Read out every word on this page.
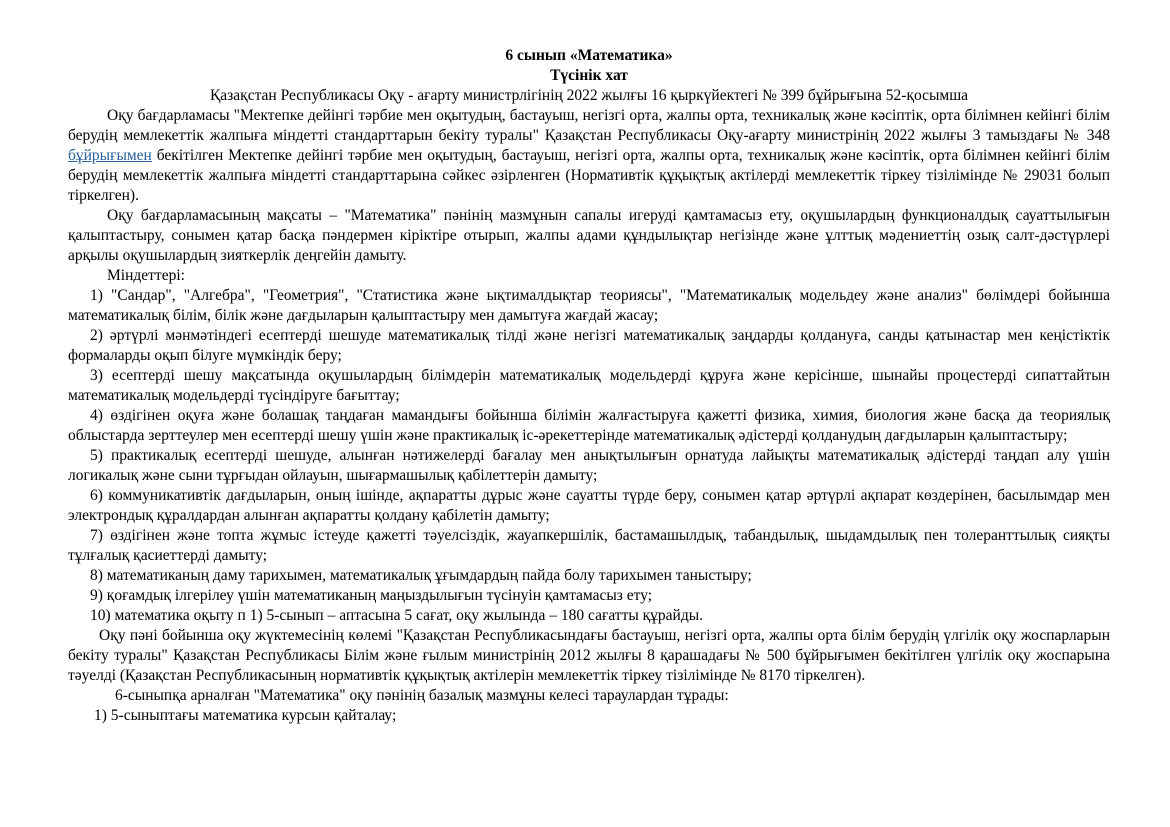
6 сынып «Математика»

Түсінік хат

Қазақстан Республикасы Оқу - ағарту министрлігінің 2022 жылғы 16 қыркүйектегі № 399 бұйрығына 52-қосымша

Оқу бағдарламасы "Мектепке дейінгі тәрбие мен оқытудың, бастауыш, негізгі орта, жалпы орта, техникалық және кәсіптік, орта білімнен кейінгі білім берудің мемлекеттік жалпыға міндетті стандарттарын бекіту туралы" Қазақстан Республикасы Оқу-ағарту министрінің 2022 жылғы 3 тамыздағы № 348 бұйрығымен бекітілген Мектепке дейінгі тәрбие мен оқытудың, бастауыш, негізгі орта, жалпы орта, техникалық және кәсіптік, орта білімнен кейінгі білім берудің мемлекеттік жалпыға міндетті стандарттарына сәйкес әзірленген (Нормативтік құқықтық актілерді мемлекеттік тіркеу тізілімінде № 29031 болып тіркелген).

Оқу бағдарламасының мақсаты – "Математика" пәнінің мазмұнын сапалы игеруді қамтамасыз ету, оқушылардың функционалдық сауаттылығын қалыптастыру, сонымен қатар басқа пәндермен кіріктіре отырып, жалпы адами құндылықтар негізінде және ұлттық мәдениеттің озық салт-дәстүрлері арқылы оқушылардың зияткерлік деңгейін дамыту.

Міндеттері:

1) "Сандар", "Алгебра", "Геометрия", "Статистика және ықтималдықтар теориясы", "Математикалық модельдеу және анализ" бөлімдері бойынша математикалық білім, білік және дағдыларын қалыптастыру мен дамытуға жағдай жасау;

2) әртүрлі мәнмәтіндегі есептерді шешуде математикалық тілді және негізгі математикалық заңдарды қолдануға, санды қатынастар мен кеңістіктік формаларды оқып білуге мүмкіндік беру;

3) есептерді шешу мақсатында оқушылардың білімдерін математикалық модельдерді құруға және керісінше, шынайы процестерді сипаттайтын математикалық модельдерді түсіндіруге бағыттау;

4) өздігінен оқуға және болашақ таңдаған мамандығы бойынша білімін жалғастыруға қажетті физика, химия, биология және басқа да теориялық облыстарда зерттеулер мен есептерді шешу үшін және практикалық іс-әрекеттерінде математикалық әдістерді қолданудың дағдыларын қалыптастыру;

5) практикалық есептерді шешуде, алынған нәтижелерді бағалау мен анықтылығын орнатуда лайықты математикалық әдістерді таңдап алу үшін логикалық және сыни тұрғыдан ойлауын, шығармашылық қабілеттерін дамыту;

6) коммуникативтік дағдыларын, оның ішінде, ақпаратты дұрыс және сауатты түрде беру, сонымен қатар әртүрлі ақпарат көздерінен, басылымдар мен электрондық құралдардан алынған ақпаратты қолдану қабілетін дамыту;

7) өздігінен және топта жұмыс істеуде қажетті тәуелсіздік, жауапкершілік, бастамашылдық, табандылық, шыдамдылық пен толеранттылық сияқты тұлғалық қасиеттерді дамыту;

8) математиканың даму тарихымен, математикалық ұғымдардың пайда болу тарихымен таныстыру;

9) қоғамдық ілгерілеу үшін математиканың маңыздылығын түсінуін қамтамасыз ету;

10) математика оқыту п 1) 5-сынып – аптасына 5 сағат, оқу жылында – 180 сағатты құрайды.

Оқу пәні бойынша оқу жүктемесінің көлемі "Қазақстан Республикасындағы бастауыш, негізгі орта, жалпы орта білім берудің үлгілік оқу жоспарларын бекіту туралы" Қазақстан Республикасы Білім және ғылым министрінің 2012 жылғы 8 қарашадағы № 500 бұйрығымен бекітілген үлгілік оқу жоспарына тәуелді (Қазақстан Республикасының нормативтік құқықтық актілерін мемлекеттік тіркеу тізілімінде № 8170 тіркелген).

6-сыныпқа арналған "Математика" оқу пәнінің базалық мазмұны келесі тараулардан тұрады:

1) 5-сыныптағы математика курсын қайталау;
